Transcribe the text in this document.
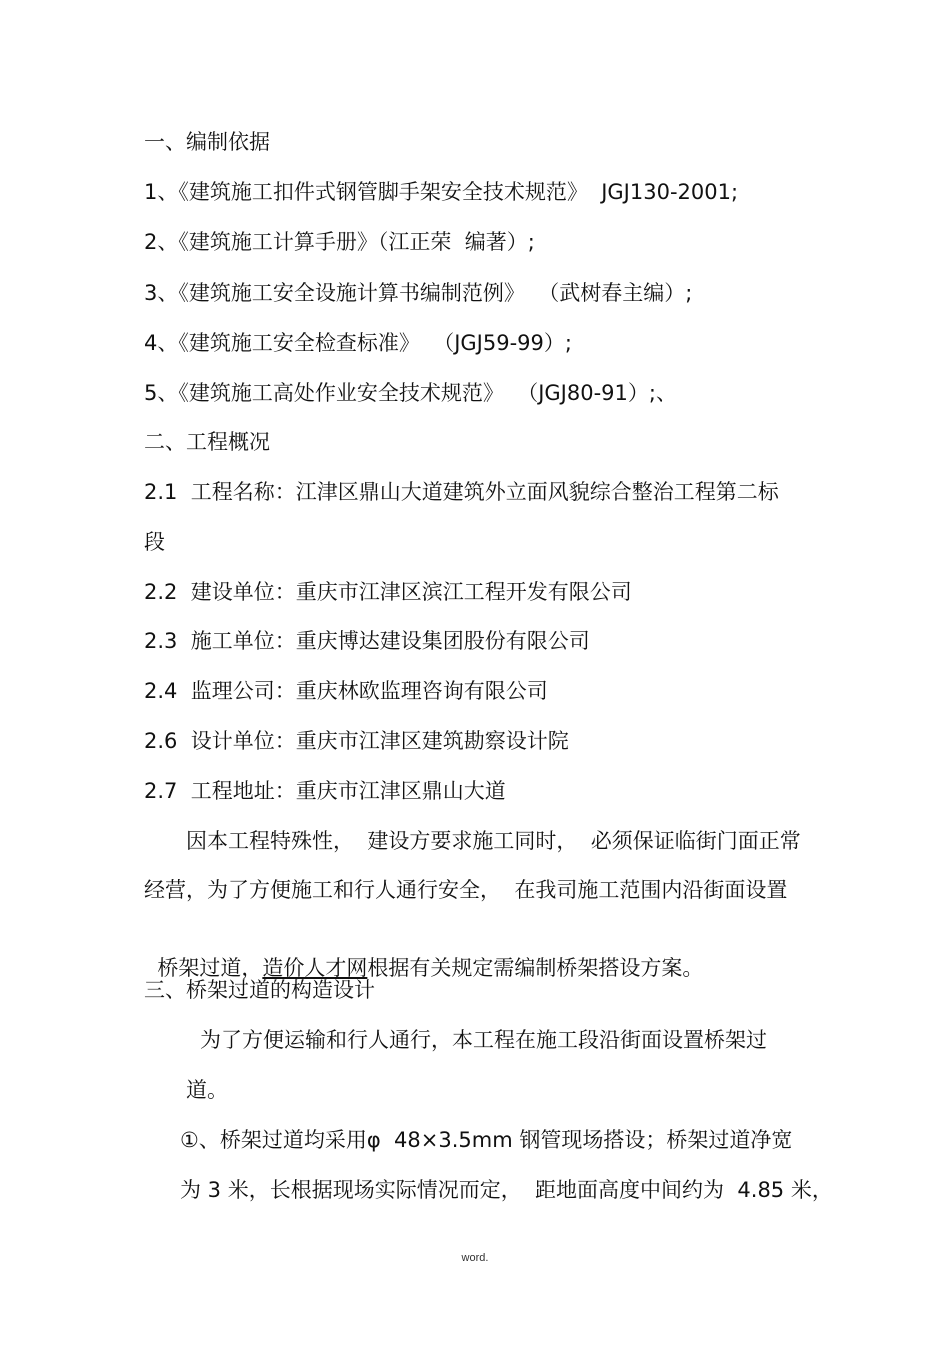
一、编制依据
1、《建筑施工扣件式钢管脚手架安全技术规范》  JGJ130-2001;
2、《建筑施工计算手册》（江正荣  编著）;
3、《建筑施工安全设施计算书编制范例》  （武树春主编）;
4、《建筑施工安全检查标准》  （JGJ59-99）;
5、《建筑施工高处作业安全技术规范》  （JGJ80-91）;、
二、工程概况
2.1  工程名称：江津区鼎山大道建筑外立面风貌综合整治工程第二标
段
2.2  建设单位：重庆市江津区滨江工程开发有限公司
2.3  施工单位：重庆博达建设集团股份有限公司
2.4  监理公司：重庆林欧监理咨询有限公司
2.6  设计单位：重庆市江津区建筑勘察设计院
2.7  工程地址：重庆市江津区鼎山大道
因本工程特殊性，  建设方要求施工同时，  必须保证临街门面正常
经营，为了方便施工和行人通行安全，  在我司施工范围内沿街面设置

桥架过道，造价人才网根据有关规定需编制桥架搭设方案。

三、桥架过道的构造设计
为了方便运输和行人通行，本工程在施工段沿街面设置桥架过
道。
①、桥架过道均采用φ  48×3.5mm 钢管现场搭设；桥架过道净宽
为 3 米，长根据现场实际情况而定，  距地面高度中间约为  4.85 米，
word.
